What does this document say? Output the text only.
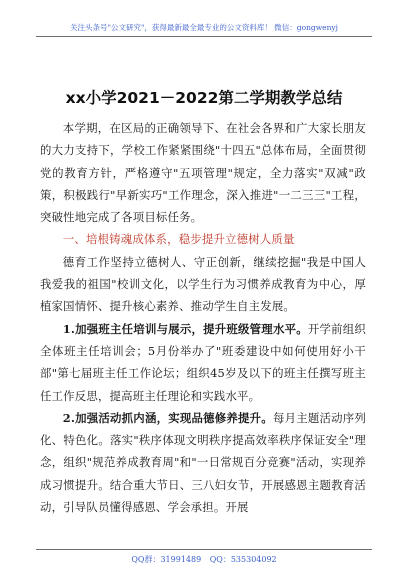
关注头条号"公文研究"，获得最新最全最专业的公文资料库！ 微信：gongwenyj
xx小学2021－2022第二学期教学总结

本学期，在区局的正确领导下、在社会各界和广大家长朋友的大力支持下，学校工作紧紧围绕"十四五"总体布局，全面贯彻党的教育方针，严格遵守"五项管理"规定，全力落实"双减"政策，积极践行"早新实巧"工作理念，深入推进"一二三三"工程，突破性地完成了各项目标任务。

一、培根铸魂成体系，稳步提升立德树人质量

德育工作坚持立德树人、守正创新，继续挖掘"我是中国人我爱我的祖国"校训文化，以学生行为习惯养成教育为中心，厚植家国情怀、提升核心素养、推动学生自主发展。

1.加强班主任培训与展示，提升班级管理水平。开学前组织全体班主任培训会；5月份举办了"班委建设中如何使用好小干部"第七届班主任工作论坛；组织45岁及以下的班主任撰写班主任工作反思，提高班主任理论和实践水平。

2.加强活动抓内涵，实现品德修养提升。每月主题活动序列化、特色化。落实"秩序体现文明秩序提高效率秩序保证安全"理念，组织"规范养成教育周"和"一日常规百分竞赛"活动，实现养成习惯提升。结合重大节日、三八妇女节，开展感恩主题教育活动，引导队员懂得感恩、学会承担。开展

QQ群：31991489 QQ：535304092
